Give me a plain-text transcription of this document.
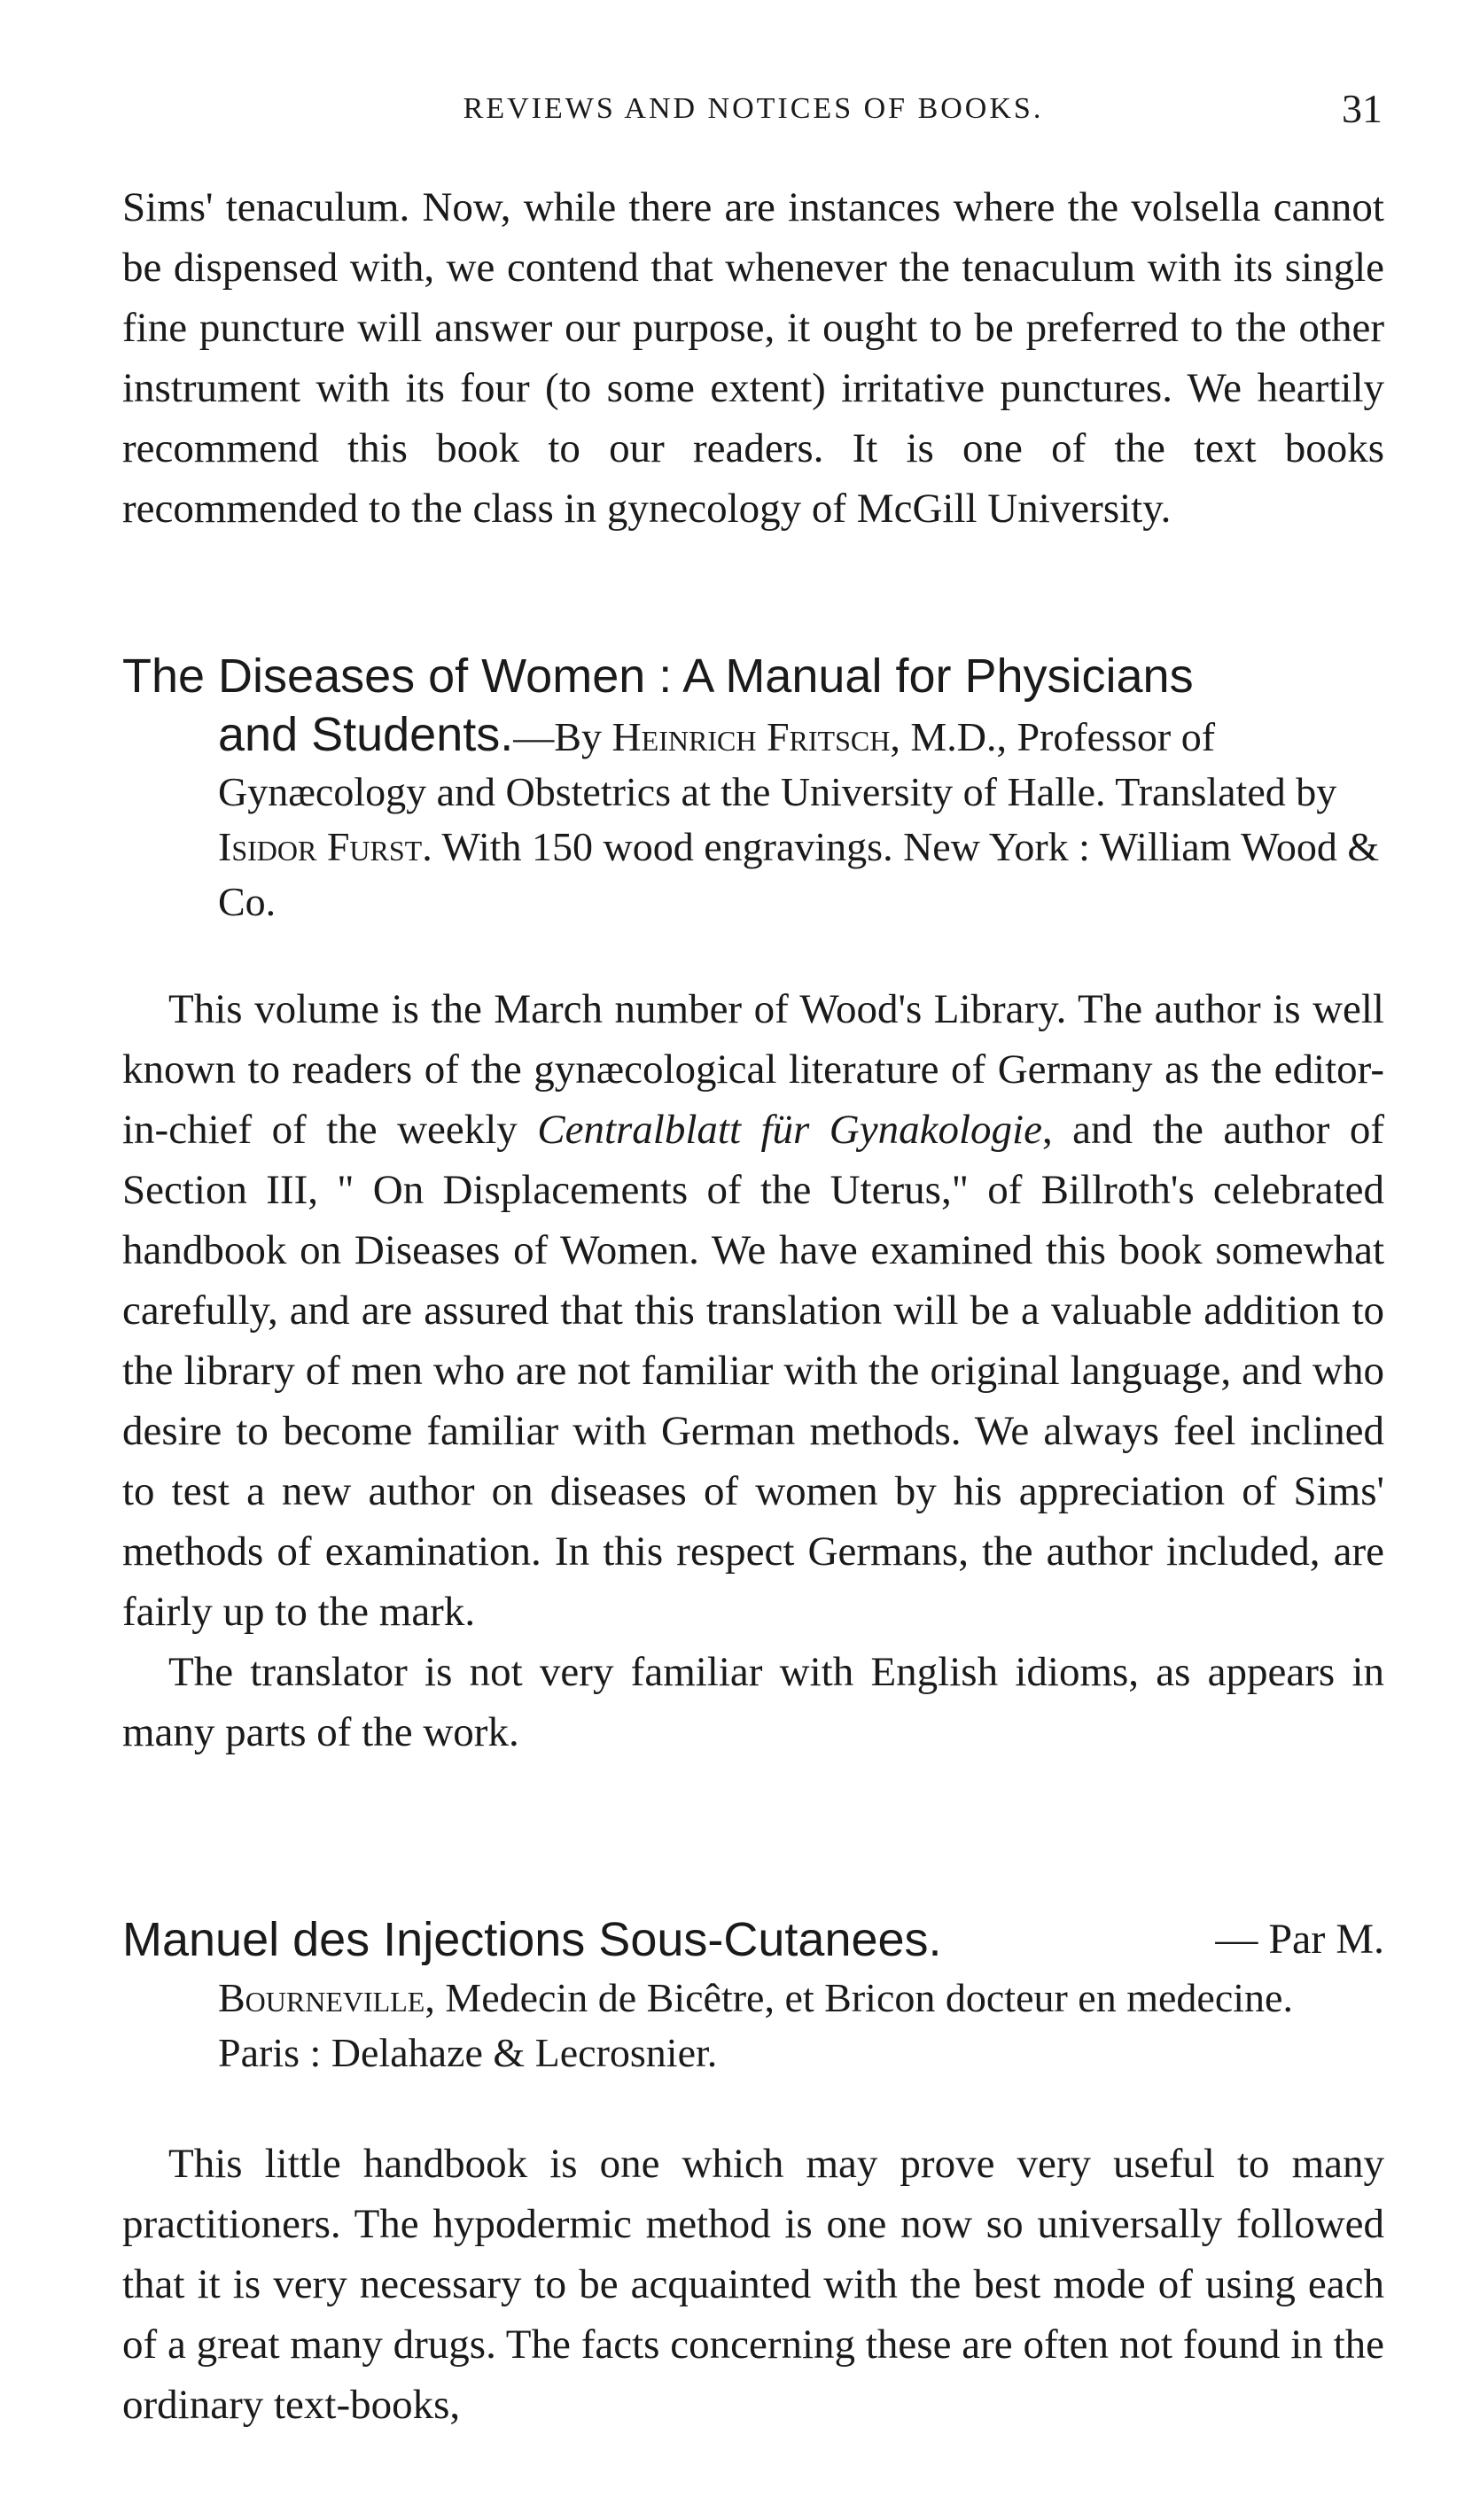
REVIEWS AND NOTICES OF BOOKS.	31

Sims' tenaculum. Now, while there are instances where the volsella cannot be dispensed with, we contend that whenever the tenaculum with its single fine puncture will answer our purpose, it ought to be preferred to the other instrument with its four (to some extent) irritative punctures. We heartily recommend this book to our readers. It is one of the text books recommended to the class in gynecology of McGill University.

The Diseases of Women : A Manual for Physicians

and Students.—By Heinrich Fritsch, M.D., Professor of Gynæcology and Obstetrics at the University of Halle. Translated by Isidor Furst. With 150 wood engravings. New York : William Wood & Co.

This volume is the March number of Wood's Library. The author is well known to readers of the gynæcological literature of Germany as the editor-in-chief of the weekly Centralblatt für Gynakologie, and the author of Section III, " On Displacements of the Uterus," of Billroth's celebrated handbook on Diseases of Women. We have examined this book somewhat carefully, and are assured that this translation will be a valuable addition to the library of men who are not familiar with the original language, and who desire to become familiar with German methods. We always feel inclined to test a new author on diseases of women by his appreciation of Sims' methods of examination. In this respect Germans, the author included, are fairly up to the mark.

The translator is not very familiar with English idioms, as appears in many parts of the work.

Manuel des Injections Sous-Cutanees.	— Par M.

Bourneville, Medecin de Bicêtre, et Bricon docteur en medecine. Paris : Delahaze & Lecrosnier.

This little handbook is one which may prove very useful to many practitioners. The hypodermic method is one now so universally followed that it is very necessary to be acquainted with the best mode of using each of a great many drugs. The facts concerning these are often not found in the ordinary text-books,
